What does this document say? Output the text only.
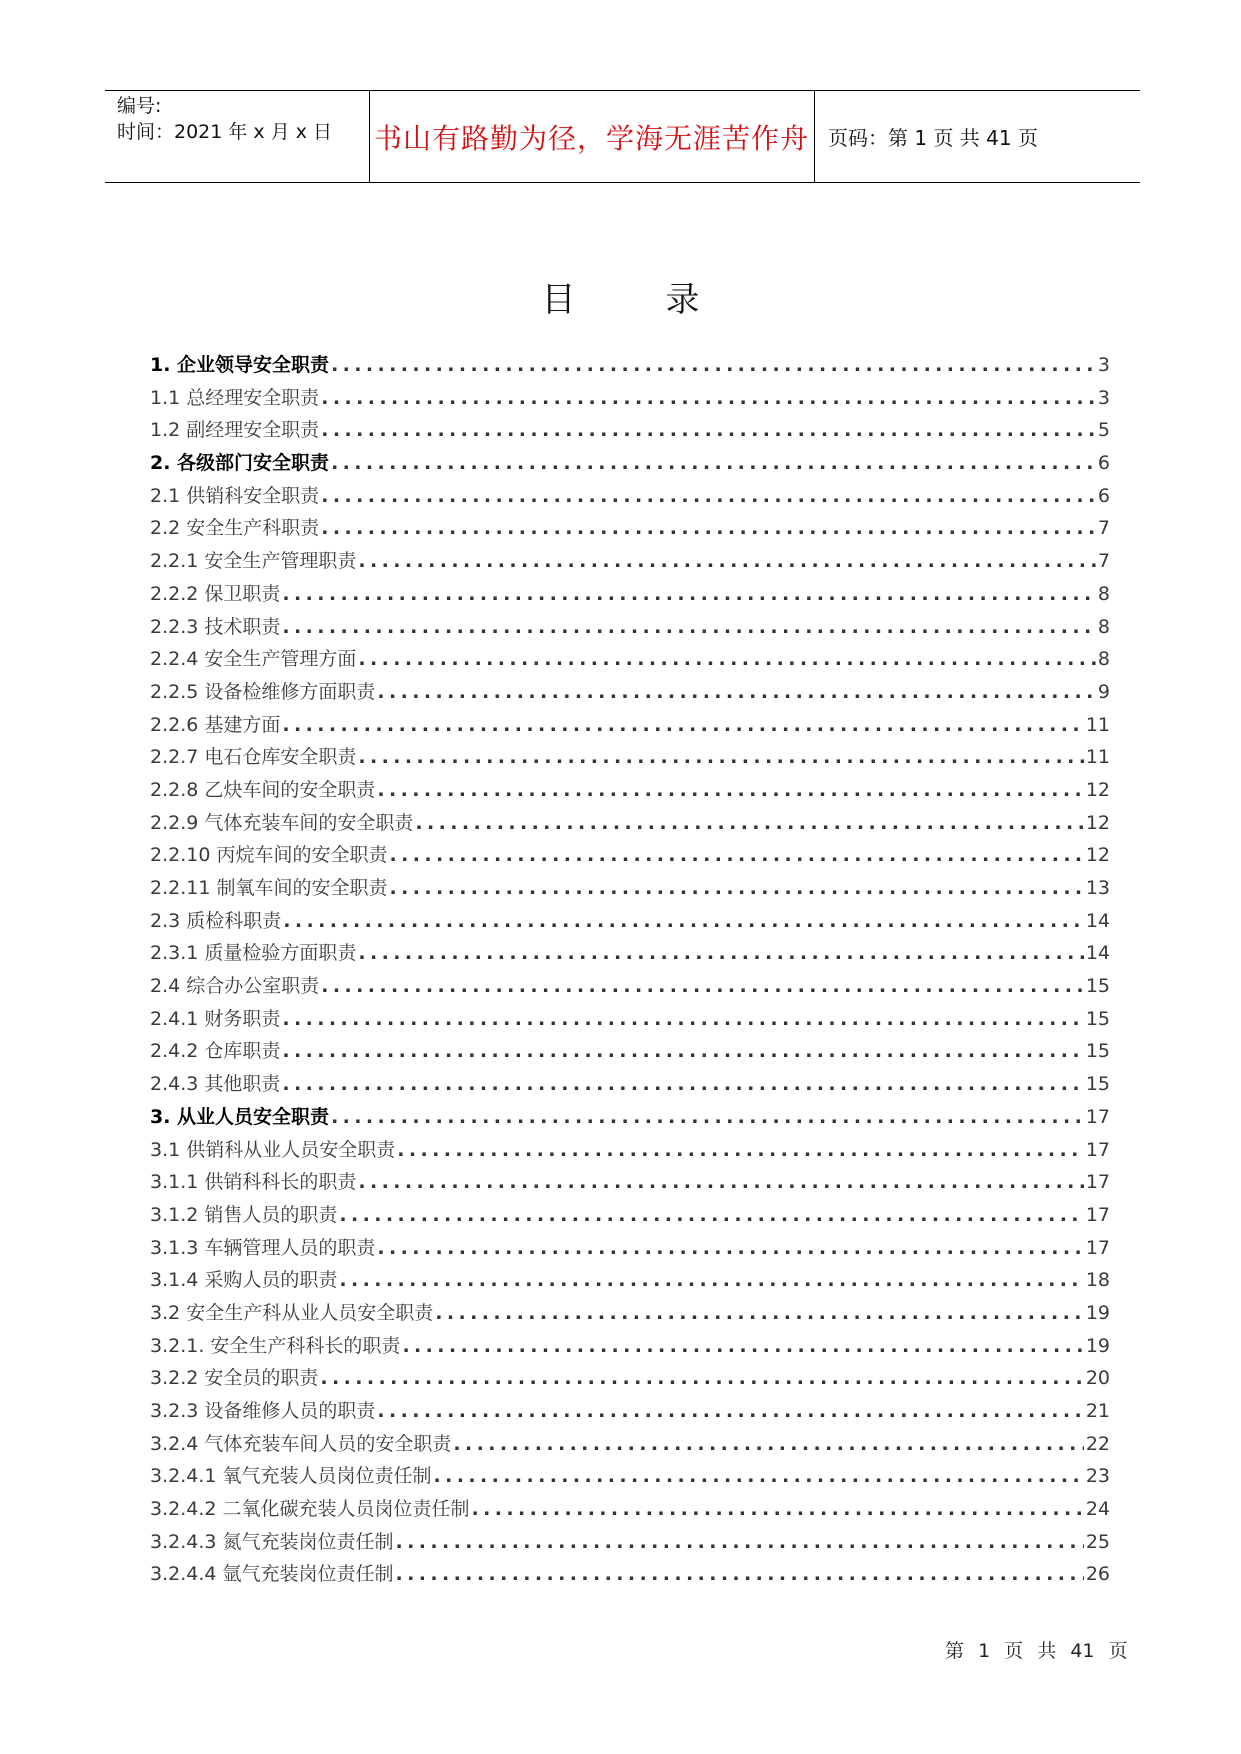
编号:
时间：2021 年 x 月 x 日 书山有路勤为径，学海无涯苦作舟 页码：第 1 页 共 41 页
目	录
1. 企业领导安全职责 .....	3
1.1 总经理安全职责 .....	3
1.2 副经理安全职责 .....	5
2. 各级部门安全职责 .....	6
2.1 供销科安全职责 .....	6
2.2 安全生产科职责 .....	7
2.2.1 安全生产管理职责 .....	7
2.2.2 保卫职责 .....	8
2.2.3 技术职责 .....	8
2.2.4 安全生产管理方面 .....	8
2.2.5 设备检维修方面职责 .....	9
2.2.6 基建方面 .....	11
2.2.7 电石仓库安全职责 .....	11
2.2.8 乙炔车间的安全职责 .....	12
2.2.9 气体充装车间的安全职责 .....	12
2.2.10 丙烷车间的安全职责 .....	12
2.2.11 制氧车间的安全职责 .....	13
2.3 质检科职责 .....	14
2.3.1 质量检验方面职责 .....	14
2.4 综合办公室职责 .....	15
2.4.1 财务职责 .....	15
2.4.2 仓库职责 .....	15
2.4.3 其他职责 .....	15
3. 从业人员安全职责 .....	17
3.1 供销科从业人员安全职责 .....	17
3.1.1 供销科科长的职责 .....	17
3.1.2 销售人员的职责 .....	17
3.1.3 车辆管理人员的职责 .....	17
3.1.4 采购人员的职责 .....	18
3.2 安全生产科从业人员安全职责 .....	19
3.2.1. 安全生产科科长的职责 .....	19
3.2.2 安全员的职责 .....	20
3.2.3 设备维修人员的职责 .....	21
3.2.4 气体充装车间人员的安全职责 .....	22
3.2.4.1 氧气充装人员岗位责任制 .....	23
3.2.4.2 二氧化碳充装人员岗位责任制 .....	24
3.2.4.3 氮气充装岗位责任制 .....	25
3.2.4.4 氩气充装岗位责任制 .....	26
第 1 页 共 41 页
